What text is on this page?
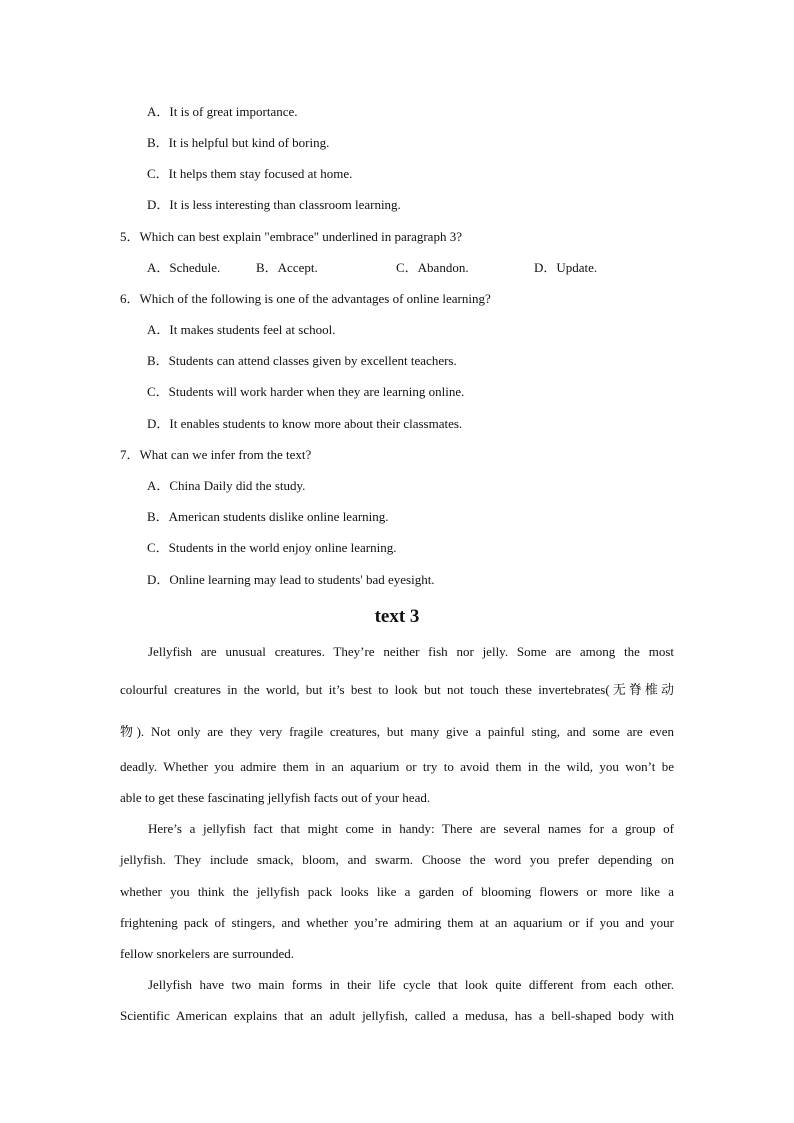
A．It is of great importance.
B．It is helpful but kind of boring.
C．It helps them stay focused at home.
D．It is less interesting than classroom learning.
5．Which can best explain "embrace" underlined in paragraph 3?
A．Schedule.	B．Accept.	C．Abandon.	D．Update.
6．Which of the following is one of the advantages of online learning?
A．It makes students feel at school.
B．Students can attend classes given by excellent teachers.
C．Students will work harder when they are learning online.
D．It enables students to know more about their classmates.
7．What can we infer from the text?
A．China Daily did the study.
B．American students dislike online learning.
C．Students in the world enjoy online learning.
D．Online learning may lead to students' bad eyesight.
text 3
Jellyfish are unusual creatures. They’re neither fish nor jelly. Some are among the most
colourful creatures in the world, but it’s best to look but not touch these invertebrates(无脊椎动
物). Not only are they very fragile creatures, but many give a painful sting, and some are even
deadly. Whether you admire them in an aquarium or try to avoid them in the wild, you won’t be
able to get these fascinating jellyfish facts out of your head.
Here’s a jellyfish fact that might come in handy: There are several names for a group of
jellyfish. They include smack, bloom, and swarm. Choose the word you prefer depending on
whether you think the jellyfish pack looks like a garden of blooming flowers or more like a
frightening pack of stingers, and whether you’re admiring them at an aquarium or if you and your
fellow snorkelers are surrounded.
Jellyfish have two main forms in their life cycle that look quite different from each other.
Scientific American explains that an adult jellyfish, called a medusa, has a bell-shaped body with
